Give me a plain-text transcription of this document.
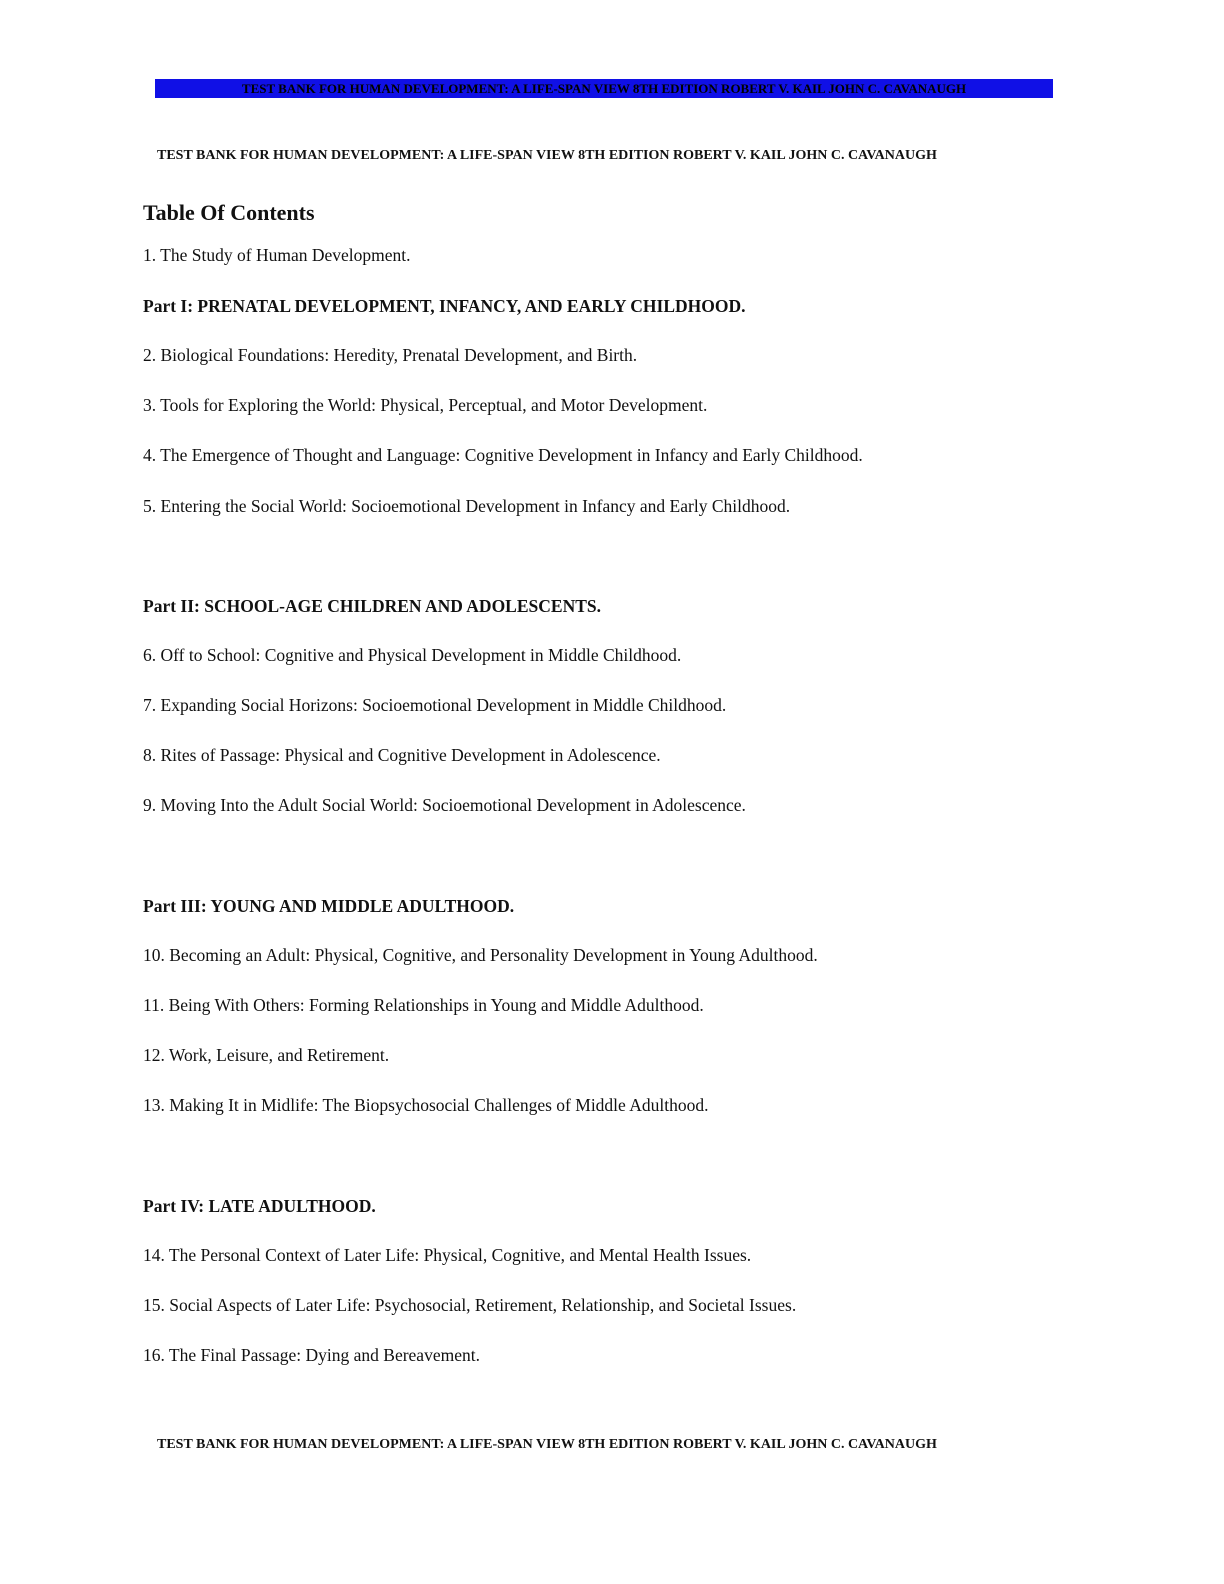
TEST BANK FOR HUMAN DEVELOPMENT: A LIFE-SPAN VIEW 8TH EDITION ROBERT V. KAIL JOHN C. CAVANAUGH
TEST BANK FOR HUMAN DEVELOPMENT: A LIFE-SPAN VIEW 8TH EDITION ROBERT V. KAIL JOHN C. CAVANAUGH
Table Of Contents
1. The Study of Human Development.
Part I: PRENATAL DEVELOPMENT, INFANCY, AND EARLY CHILDHOOD.
2. Biological Foundations: Heredity, Prenatal Development, and Birth.
3. Tools for Exploring the World: Physical, Perceptual, and Motor Development.
4. The Emergence of Thought and Language: Cognitive Development in Infancy and Early Childhood.
5. Entering the Social World: Socioemotional Development in Infancy and Early Childhood.
Part II: SCHOOL-AGE CHILDREN AND ADOLESCENTS.
6. Off to School: Cognitive and Physical Development in Middle Childhood.
7. Expanding Social Horizons: Socioemotional Development in Middle Childhood.
8. Rites of Passage: Physical and Cognitive Development in Adolescence.
9. Moving Into the Adult Social World: Socioemotional Development in Adolescence.
Part III: YOUNG AND MIDDLE ADULTHOOD.
10. Becoming an Adult: Physical, Cognitive, and Personality Development in Young Adulthood.
11. Being With Others: Forming Relationships in Young and Middle Adulthood.
12. Work, Leisure, and Retirement.
13. Making It in Midlife: The Biopsychosocial Challenges of Middle Adulthood.
Part IV: LATE ADULTHOOD.
14. The Personal Context of Later Life: Physical, Cognitive, and Mental Health Issues.
15. Social Aspects of Later Life: Psychosocial, Retirement, Relationship, and Societal Issues.
16. The Final Passage: Dying and Bereavement.
TEST BANK FOR HUMAN DEVELOPMENT: A LIFE-SPAN VIEW 8TH EDITION ROBERT V. KAIL JOHN C. CAVANAUGH
